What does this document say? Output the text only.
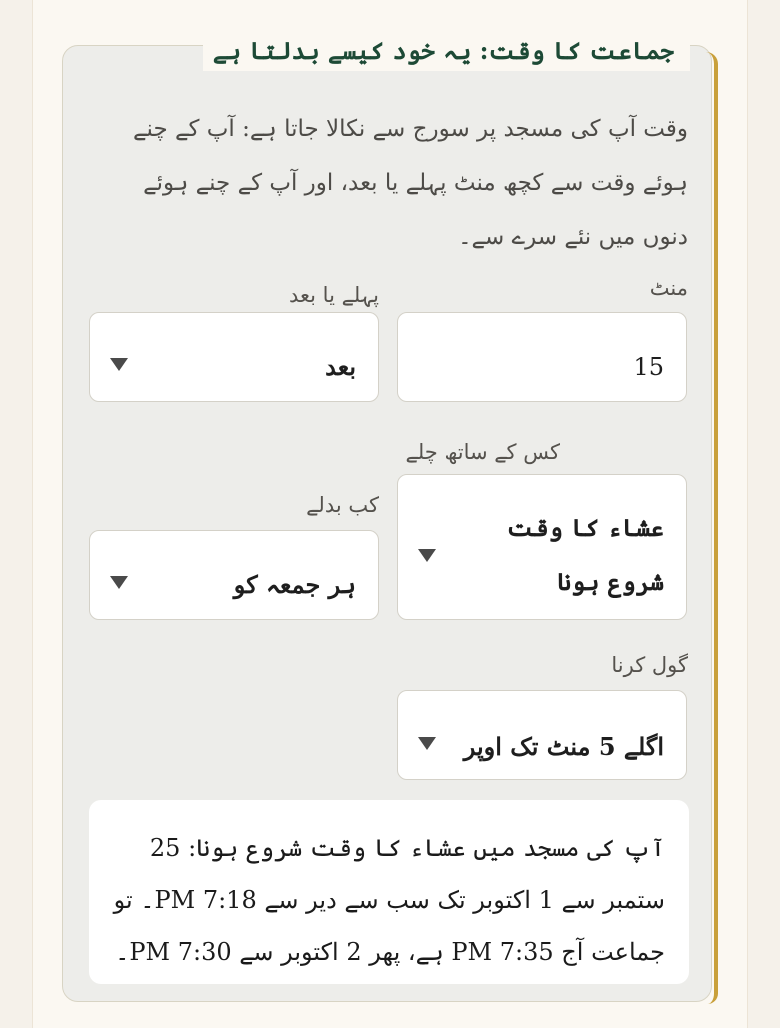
جماعت کا وقت: یہ خود کیسے بدلتا ہے
وقت آپ کی مسجد پر سورج سے نکالا جاتا ہے: آپ کے چنے ہوئے وقت سے کچھ منٹ پہلے یا بعد، اور آپ کے چنے ہوئے دنوں میں نئے سرے سے۔
منٹ
15
پہلے یا بعد
بعد
کس کے ساتھ چلے
عشاء کا وقت شروع ہونا
کب بدلے
ہر جمعہ کو
گول کرنا
اگلے 5 منٹ تک اوپر
آپ کی مسجد میں عشاء کا وقت شروع ہونا: 25 ستمبر سے 1 اکتوبر تک سب سے دیر سے 7:18 PM۔ تو جماعت آج 7:35 PM ہے، پھر 2 اکتوبر سے 7:30 PM۔
